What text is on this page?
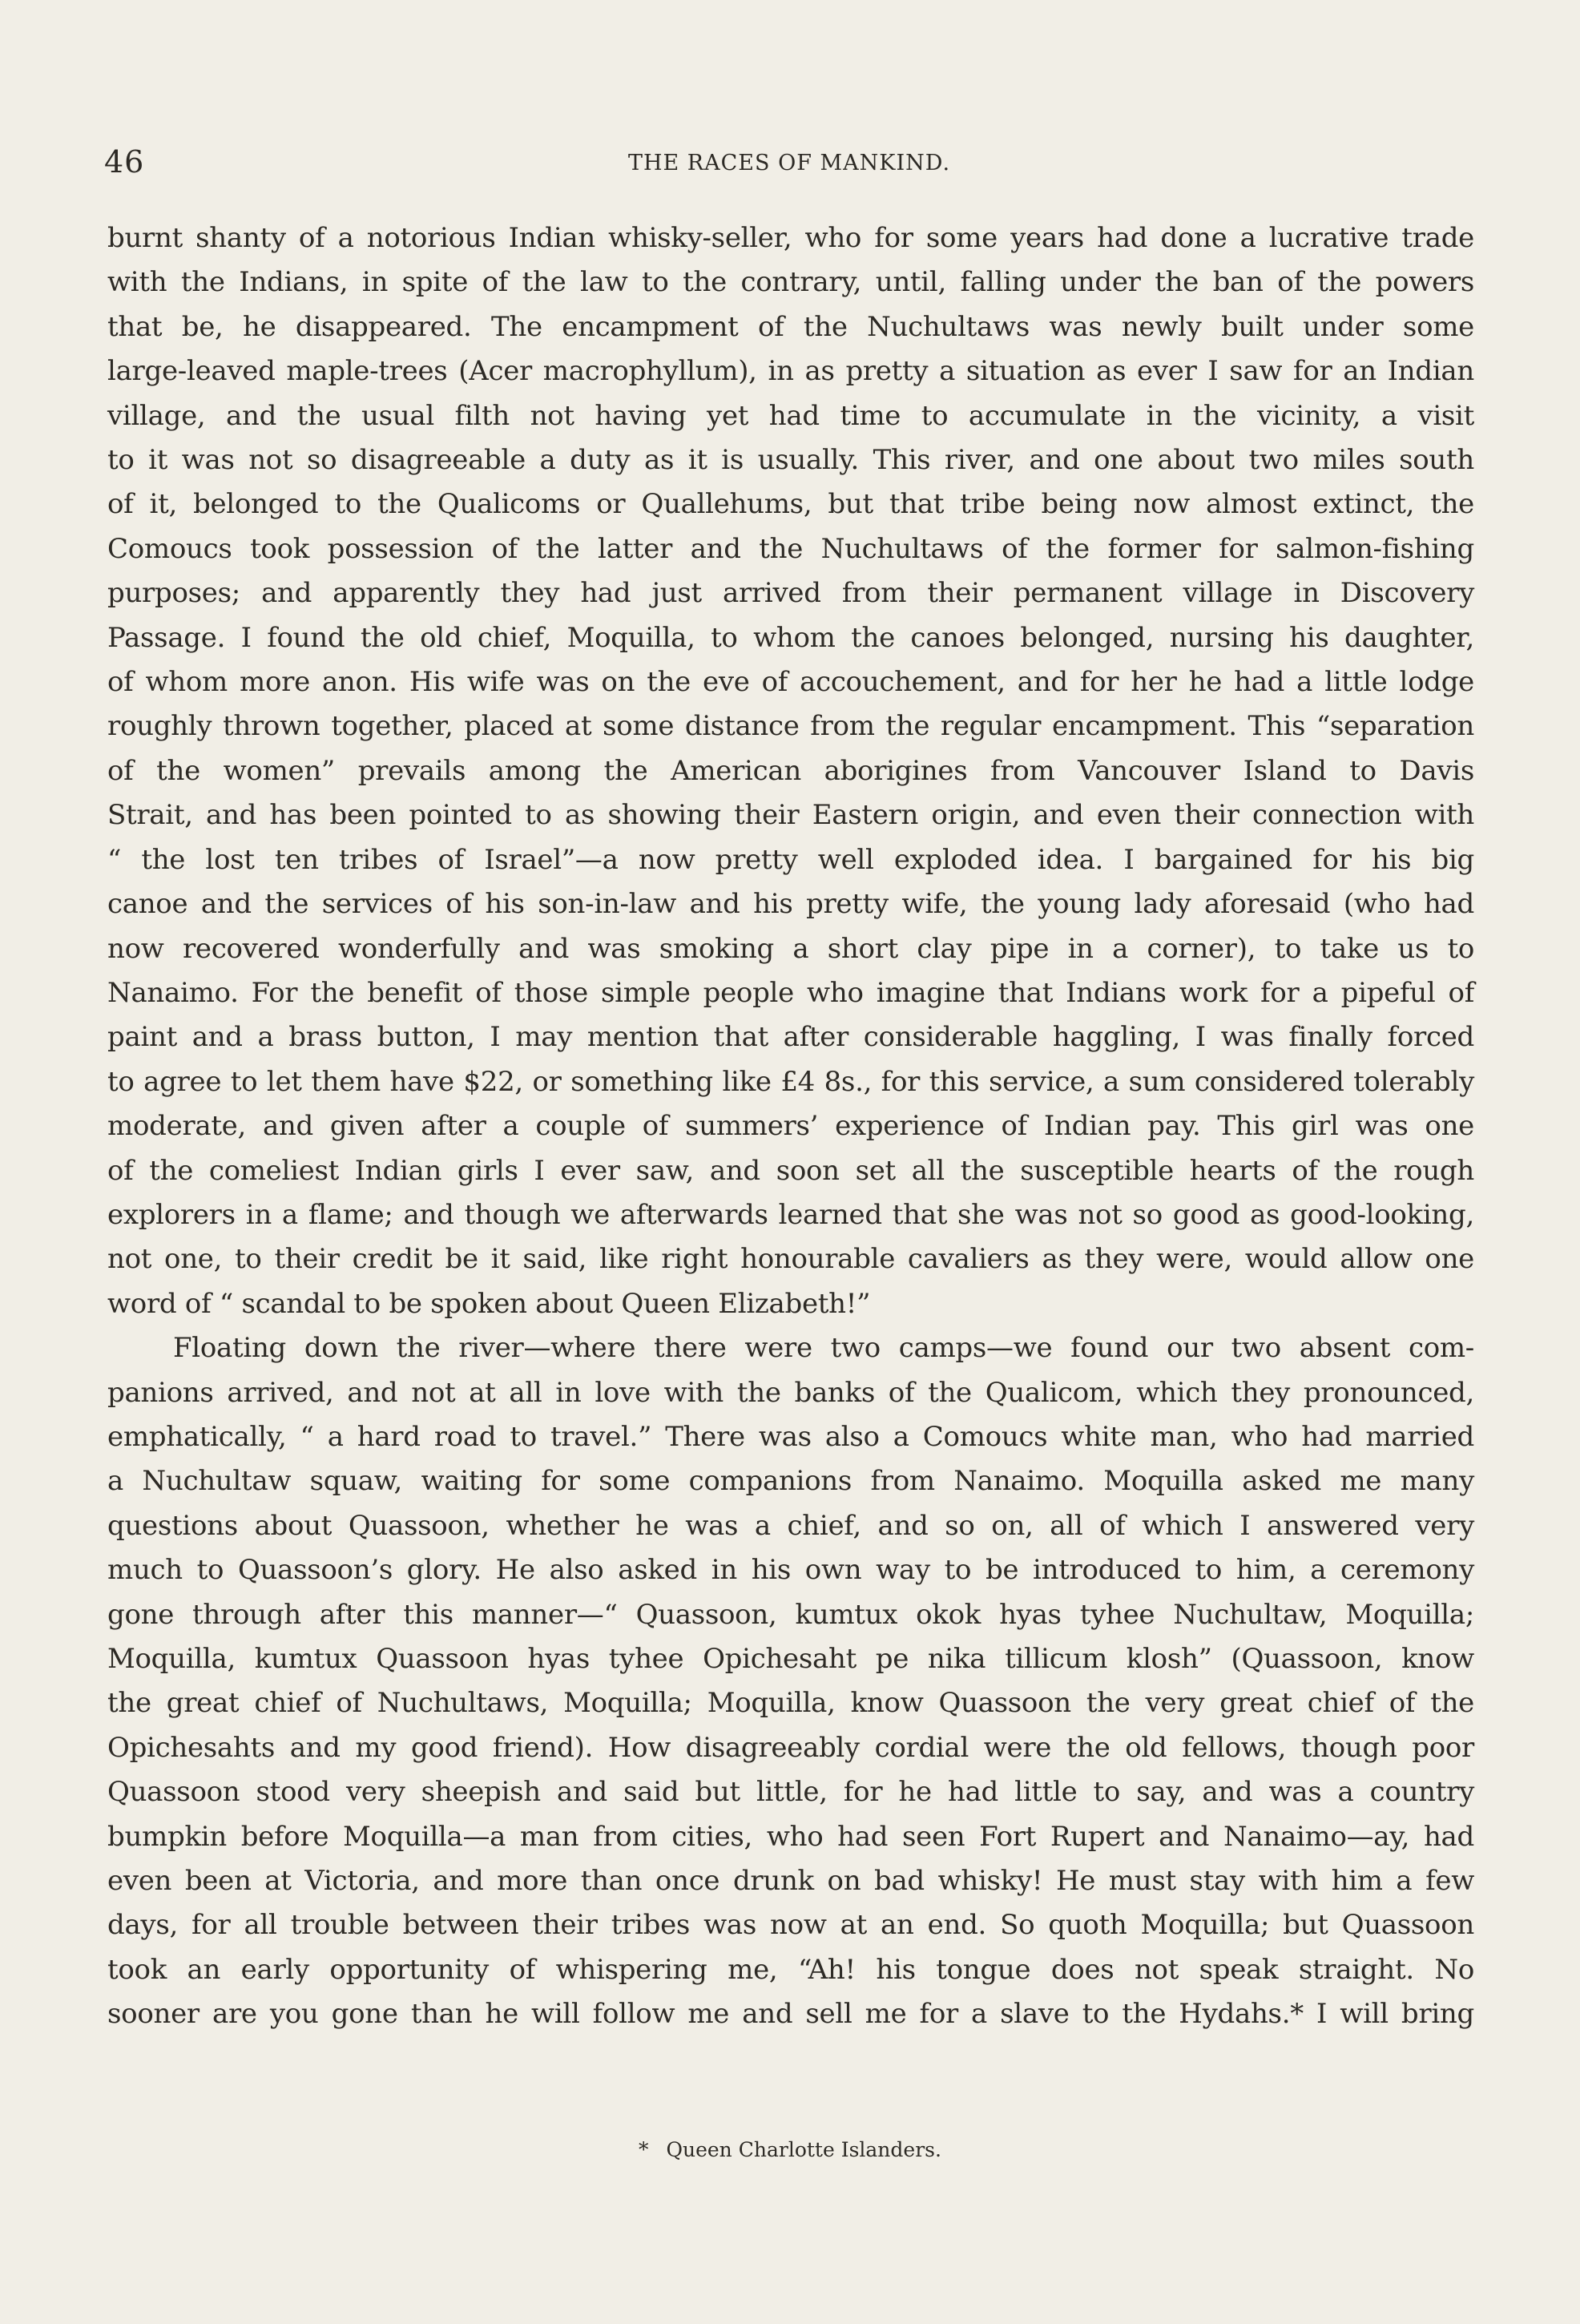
46	THE RACES OF MANKIND.
burnt shanty of a notorious Indian whisky-seller, who for some years had done a lucrative trade
with the Indians, in spite of the law to the contrary, until, falling under the ban of the powers
that be, he disappeared. The encampment of the Nuchultaws was newly built under some
large-leaved maple-trees (Acer macrophyllum), in as pretty a situation as ever I saw for an Indian
village, and the usual filth not having yet had time to accumulate in the vicinity, a visit
to it was not so disagreeable a duty as it is usually. This river, and one about two miles south
of it, belonged to the Qualicoms or Quallehums, but that tribe being now almost extinct, the
Comoucs took possession of the latter and the Nuchultaws of the former for salmon-fishing
purposes; and apparently they had just arrived from their permanent village in Discovery
Passage. I found the old chief, Moquilla, to whom the canoes belonged, nursing his daughter,
of whom more anon. His wife was on the eve of accouchement, and for her he had a little lodge
roughly thrown together, placed at some distance from the regular encampment. This “separation
of the women” prevails among the American aborigines from Vancouver Island to Davis
Strait, and has been pointed to as showing their Eastern origin, and even their connection with
“ the lost ten tribes of Israel”—a now pretty well exploded idea. I bargained for his big
canoe and the services of his son-in-law and his pretty wife, the young lady aforesaid (who had
now recovered wonderfully and was smoking a short clay pipe in a corner), to take us to
Nanaimo. For the benefit of those simple people who imagine that Indians work for a pipeful of
paint and a brass button, I may mention that after considerable haggling, I was finally forced
to agree to let them have $22, or something like £4 8s., for this service, a sum considered tolerably
moderate, and given after a couple of summers’ experience of Indian pay. This girl was one
of the comeliest Indian girls I ever saw, and soon set all the susceptible hearts of the rough
explorers in a flame; and though we afterwards learned that she was not so good as good-looking,
not one, to their credit be it said, like right honourable cavaliers as they were, would allow one
word of “ scandal to be spoken about Queen Elizabeth!”
Floating down the river—where there were two camps—we found our two absent com-
panions arrived, and not at all in love with the banks of the Qualicom, which they pronounced,
emphatically, “ a hard road to travel.” There was also a Comoucs white man, who had married
a Nuchultaw squaw, waiting for some companions from Nanaimo. Moquilla asked me many
questions about Quassoon, whether he was a chief, and so on, all of which I answered very
much to Quassoon’s glory. He also asked in his own way to be introduced to him, a ceremony
gone through after this manner—“ Quassoon, kumtux okok hyas tyhee Nuchultaw, Moquilla;
Moquilla, kumtux Quassoon hyas tyhee Opichesaht pe nika tillicum klosh” (Quassoon, know
the great chief of Nuchultaws, Moquilla; Moquilla, know Quassoon the very great chief of the
Opichesahts and my good friend). How disagreeably cordial were the old fellows, though poor
Quassoon stood very sheepish and said but little, for he had little to say, and was a country
bumpkin before Moquilla—a man from cities, who had seen Fort Rupert and Nanaimo—ay, had
even been at Victoria, and more than once drunk on bad whisky! He must stay with him a few
days, for all trouble between their tribes was now at an end. So quoth Moquilla; but Quassoon
took an early opportunity of whispering me, “Ah! his tongue does not speak straight. No
sooner are you gone than he will follow me and sell me for a slave to the Hydahs.* I will bring
* Queen Charlotte Islanders.
